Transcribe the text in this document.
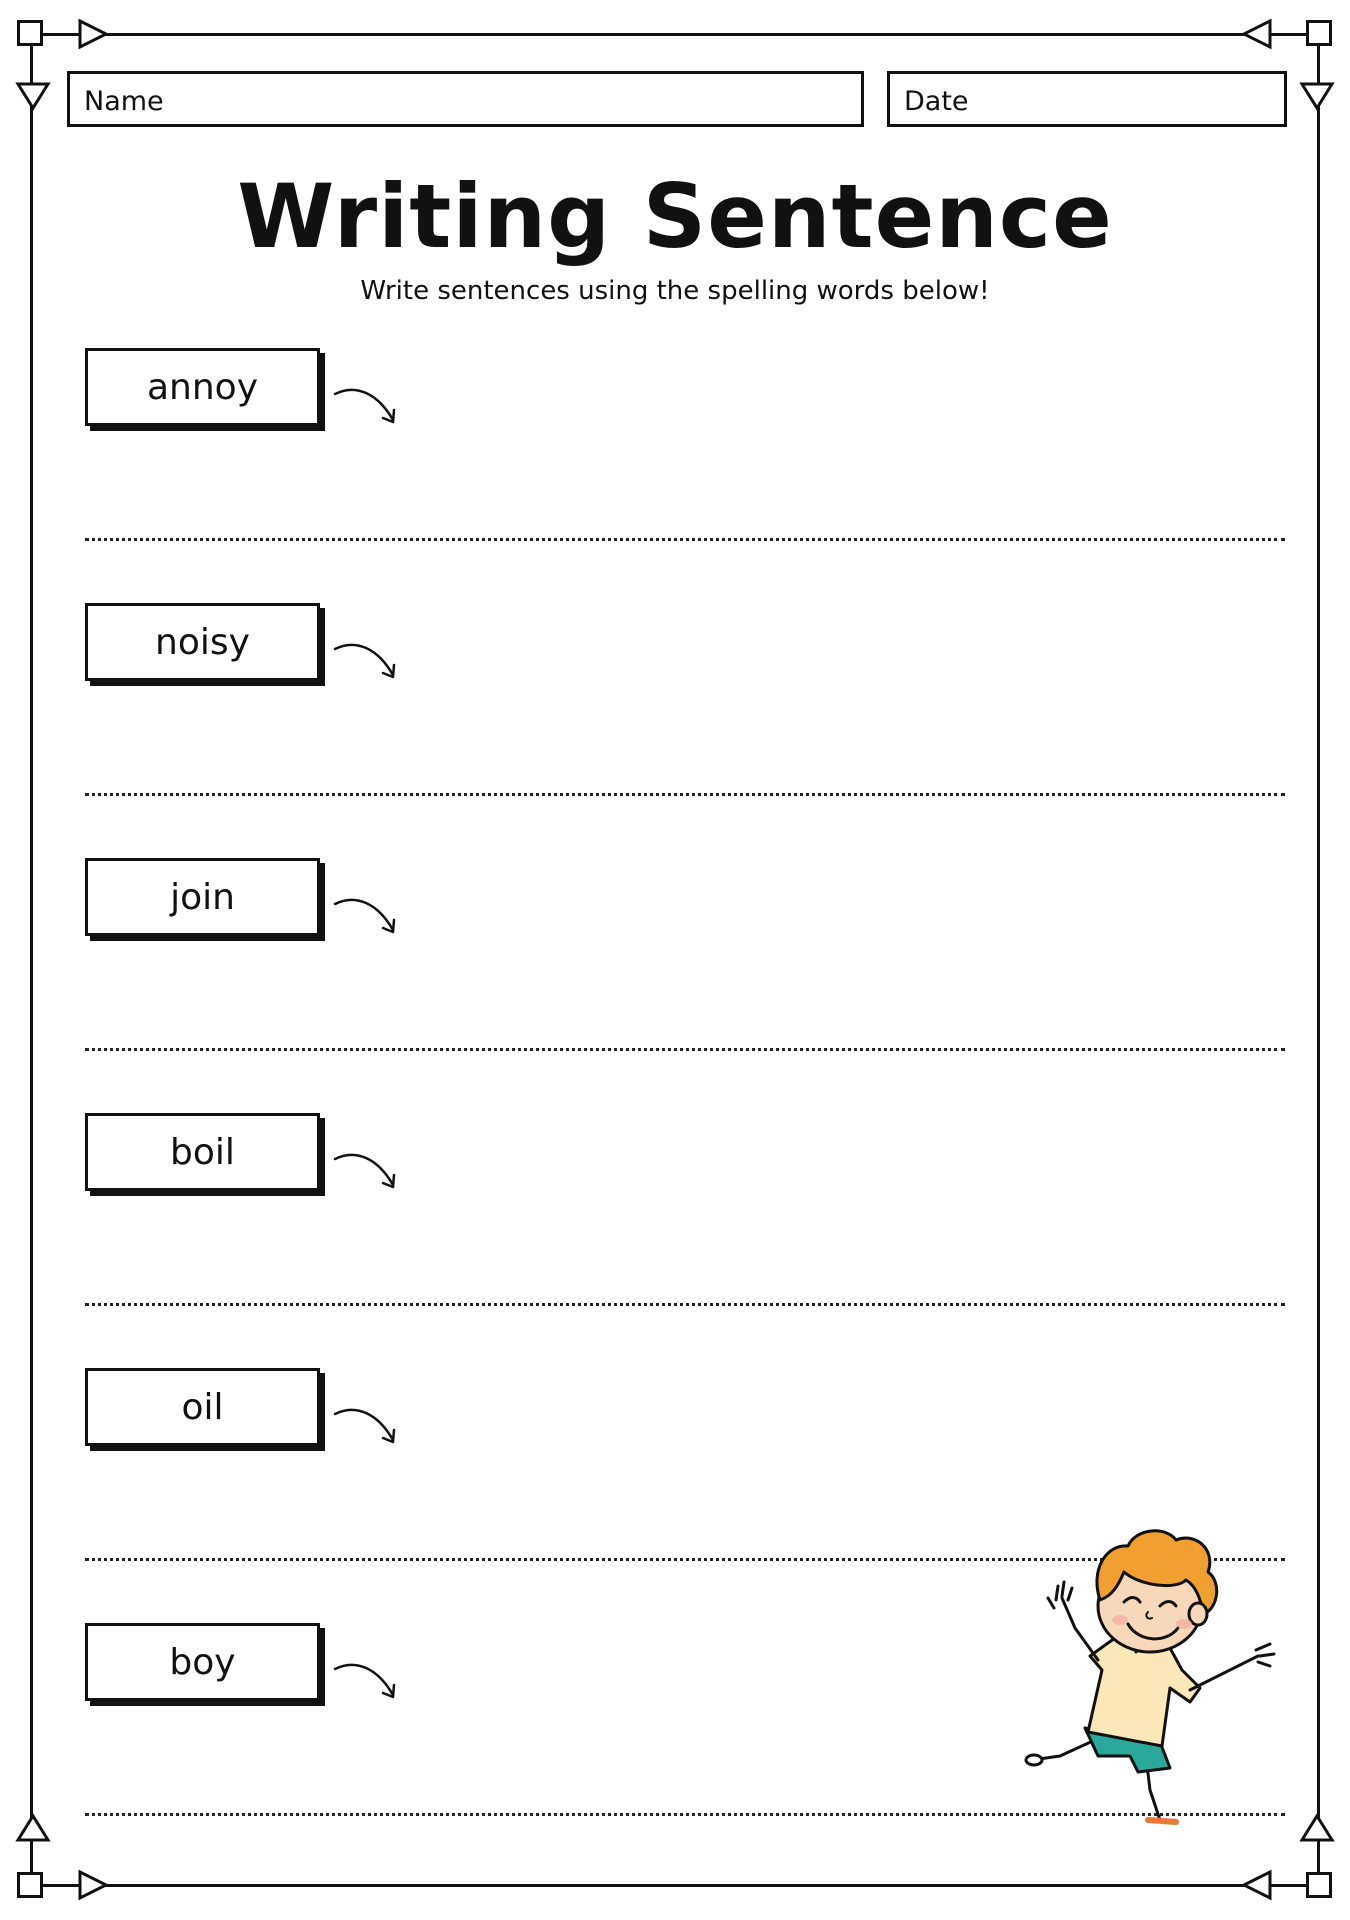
Name	Date
Writing Sentence
Write sentences using the spelling words below!
annoy
noisy
join
boil
oil
boy
